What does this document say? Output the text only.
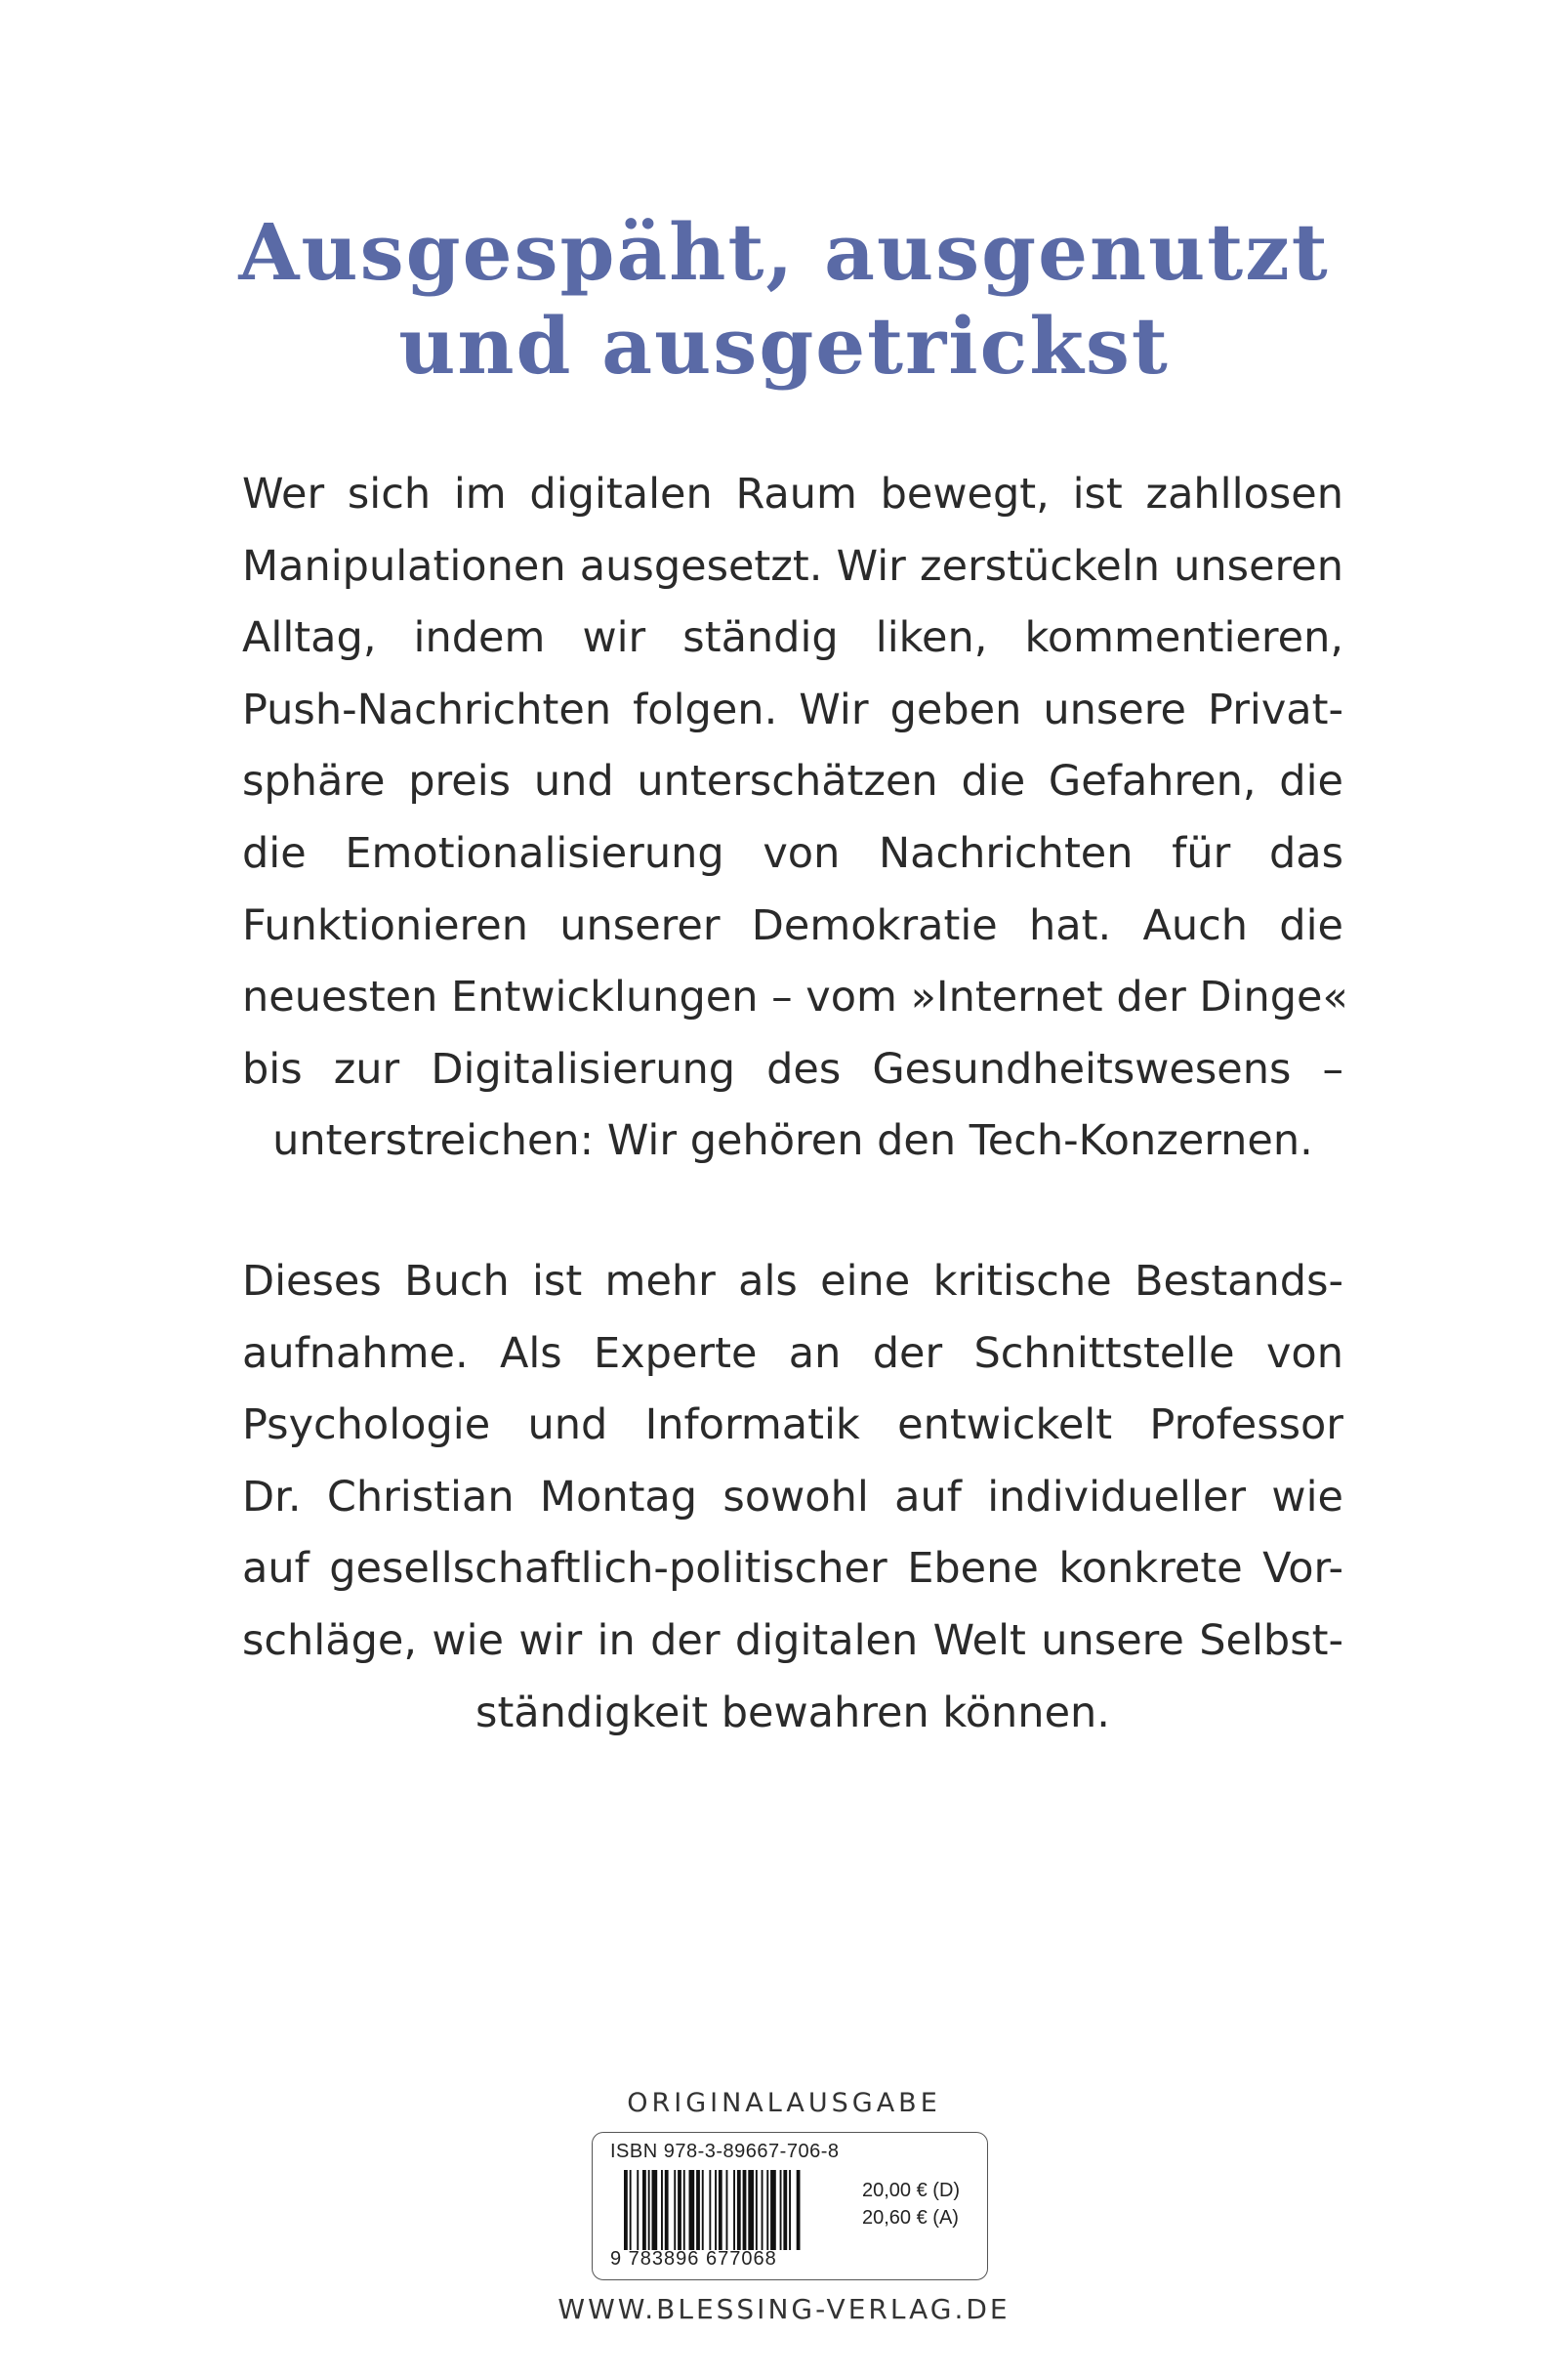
Ausgespäht, ausgenutzt
und ausgetrickst
Wer sich im digitalen Raum bewegt, ist zahllosen
Manipulationen ausgesetzt. Wir zerstückeln unseren
Alltag, indem wir ständig liken, kommentieren,
Push-Nachrichten folgen. Wir geben unsere Privat-
sphäre preis und unterschätzen die Gefahren, die
die Emotionalisierung von Nachrichten für das
Funktionieren unserer Demokratie hat. Auch die
neuesten Entwicklungen – vom »Internet der Dinge«
bis zur Digitalisierung des Gesundheitswesens –
unterstreichen: Wir gehören den Tech-Konzernen.
Dieses Buch ist mehr als eine kritische Bestands-
aufnahme. Als Experte an der Schnittstelle von
Psychologie und Informatik entwickelt Professor
Dr. Christian Montag sowohl auf individueller wie
auf gesellschaftlich-politischer Ebene konkrete Vor-
schläge, wie wir in der digitalen Welt unsere Selbst-
ständigkeit bewahren können.
ORIGINALAUSGABE
ISBN 978-3-89667-706-8
9 783896 677068
20,00 € (D)
20,60 € (A)
WWW.BLESSING-VERLAG.DE
